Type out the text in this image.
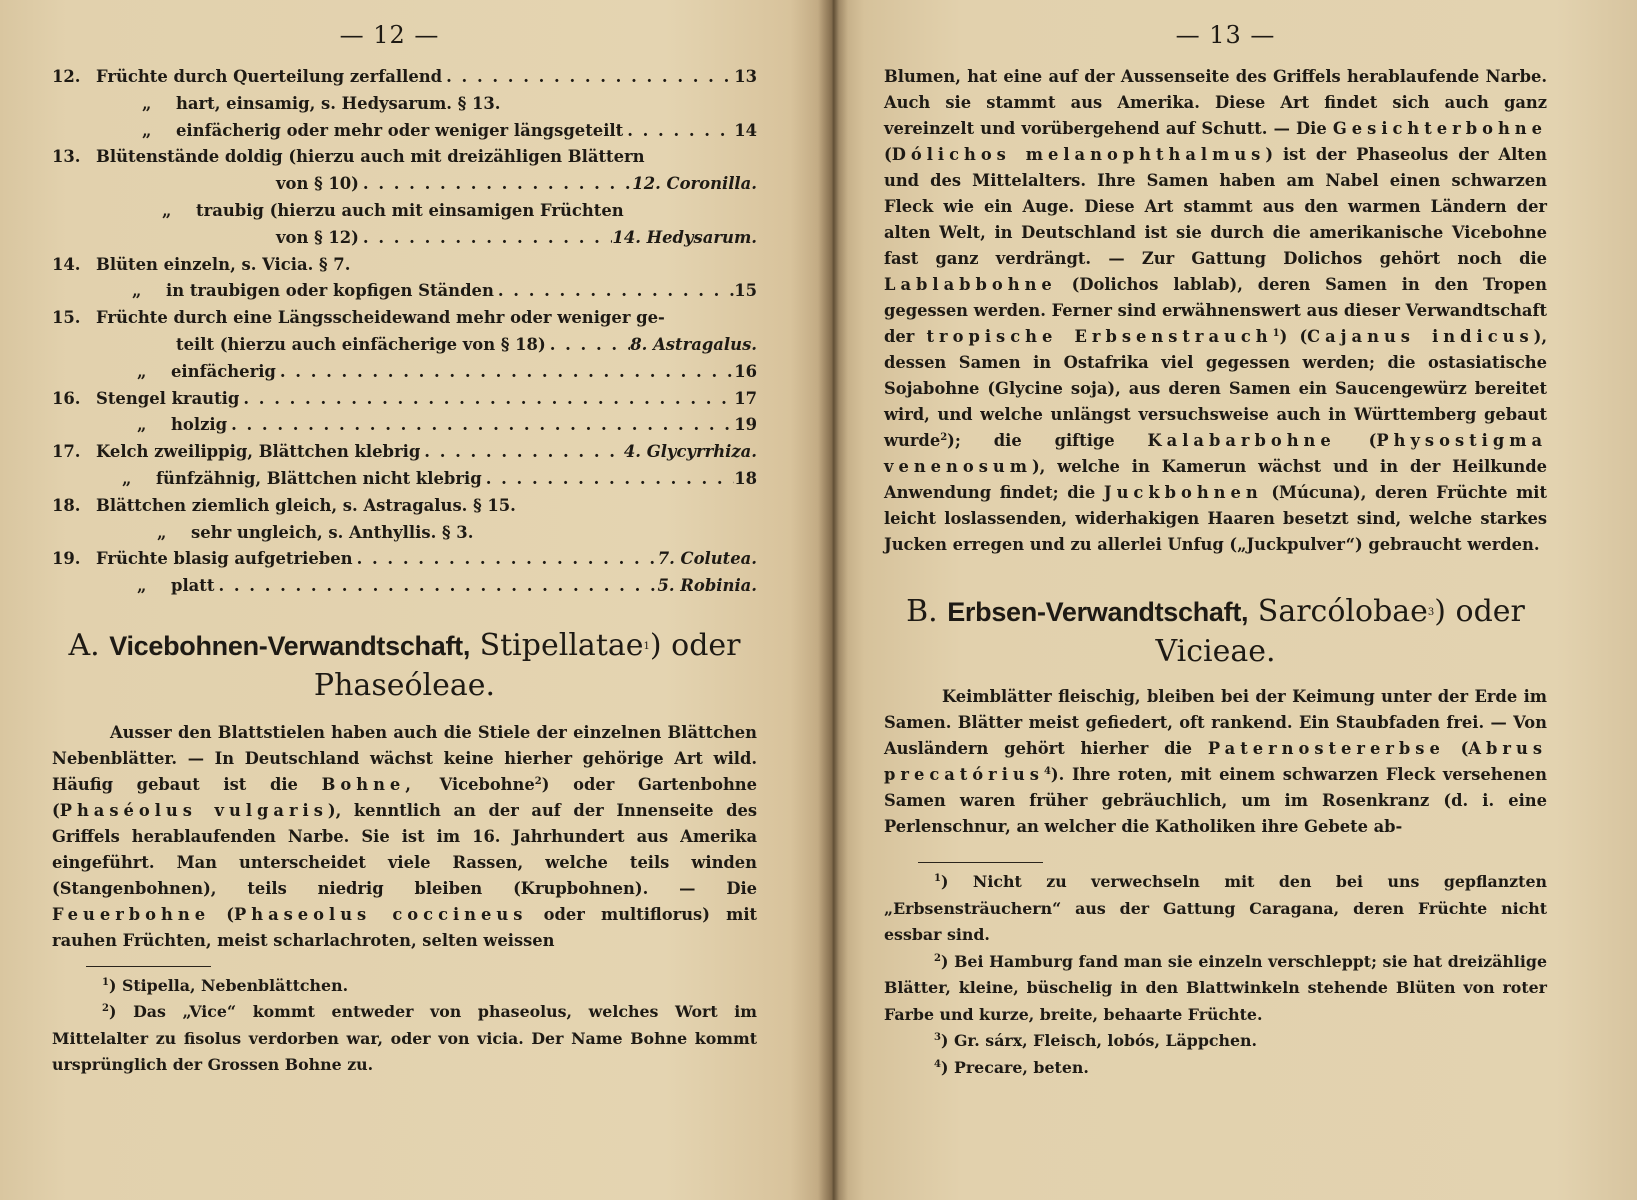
— 12 —
12. Früchte durch Querteilung zerfallend . . .	13
„	hart, einsamig, s. Hedysarum. § 13.
„	einfächerig oder mehr oder weniger längsgeteilt . . .	14
13. Blütenstände doldig (hierzu auch mit dreizähligen Blättern
von § 10) . . .	12. Coronilla.
„	traubig (hierzu auch mit einsamigen Früchten
von § 12) . . .	14. Hedysarum.
14. Blüten einzeln, s. Vicia. § 7.
„	in traubigen oder kopfigen Ständen . . .	15
15. Früchte durch eine Längsscheidewand mehr oder weniger ge-
teilt (hierzu auch einfächerige von § 18) . . .	8. Astragalus.
„	einfächerig . . .	16
16. Stengel krautig . . .	17
„	holzig . . .	19
17. Kelch zweilippig, Blättchen klebrig . . .	4. Glycyrrhiza.
„	fünfzähnig, Blättchen nicht klebrig . . .	18
18. Blättchen ziemlich gleich, s. Astragalus. § 15.
„	sehr ungleich, s. Anthyllis. § 3.
19. Früchte blasig aufgetrieben . . .	7. Colutea.
„	platt . . .	5. Robinia.
A. Vicebohnen-Verwandtschaft, Stipellatae$^1$) oder
Phaseóleae.

Ausser den Blattstielen haben auch die Stiele der einzelnen Blättchen Nebenblätter. — In Deutschland wächst keine hierher gehörige Art wild. Häufig gebaut ist die Bohne, Vicebohne$^2$) oder Gartenbohne (Phaséolus vulgaris), kenntlich an der auf der Innenseite des Griffels herablaufenden Narbe. Sie ist im 16. Jahrhundert aus Amerika eingeführt. Man unterscheidet viele Rassen, welche teils winden (Stangenbohnen), teils niedrig bleiben (Krupbohnen). — Die Feuerbohne (Phaseolus coccineus oder multiflorus) mit rauhen Früchten, meist scharlachroten, selten weissen

$^1$) Stipella, Nebenblättchen.

$^2$) Das „Vice“ kommt entweder von phaseolus, welches Wort im Mittelalter zu fisolus verdorben war, oder von vicia. Der Name Bohne kommt ursprünglich der Grossen Bohne zu.

— 13 —

Blumen, hat eine auf der Aussenseite des Griffels herablaufende Narbe. Auch sie stammt aus Amerika. Diese Art findet sich auch ganz vereinzelt und vorübergehend auf Schutt. — Die Gesichterbohne (Dólichos melanophthalmus) ist der Phaseolus der Alten und des Mittelalters. Ihre Samen haben am Nabel einen schwarzen Fleck wie ein Auge. Diese Art stammt aus den warmen Ländern der alten Welt, in Deutschland ist sie durch die amerikanische Vicebohne fast ganz verdrängt. — Zur Gattung Dolichos gehört noch die Lablabbohne (Dolichos lablab), deren Samen in den Tropen gegessen werden. Ferner sind erwähnenswert aus dieser Verwandtschaft der tropische Erbsenstrauch$^1$) (Cajanus indicus), dessen Samen in Ostafrika viel gegessen werden; die ostasiatische Sojabohne (Glycine soja), aus deren Samen ein Saucengewürz bereitet wird, und welche unlängst versuchsweise auch in Württemberg gebaut wurde$^2$); die giftige Kalabarbohne (Physostigma venenosum), welche in Kamerun wächst und in der Heilkunde Anwendung findet; die Juckbohnen (Múcuna), deren Früchte mit leicht loslassenden, widerhakigen Haaren besetzt sind, welche starkes Jucken erregen und zu allerlei Unfug („Juckpulver“) gebraucht werden.

B. Erbsen-Verwandtschaft, Sarcólobae$^3$) oder
Vicieae.

Keimblätter fleischig, bleiben bei der Keimung unter der Erde im Samen. Blätter meist gefiedert, oft rankend. Ein Staubfaden frei. — Von Ausländern gehört hierher die Paternostererbse (Abrus precatórius$^4$). Ihre roten, mit einem schwarzen Fleck versehenen Samen waren früher gebräuchlich, um im Rosenkranz (d. i. eine Perlenschnur, an welcher die Katholiken ihre Gebete ab-

$^1$) Nicht zu verwechseln mit den bei uns gepflanzten „Erbsensträuchern“ aus der Gattung Caragana, deren Früchte nicht essbar sind.

$^2$) Bei Hamburg fand man sie einzeln verschleppt; sie hat dreizählige Blätter, kleine, büschelig in den Blattwinkeln stehende Blüten von roter Farbe und kurze, breite, behaarte Früchte.

$^3$) Gr. sárx, Fleisch, lobós, Läppchen.

$^4$) Precare, beten.
